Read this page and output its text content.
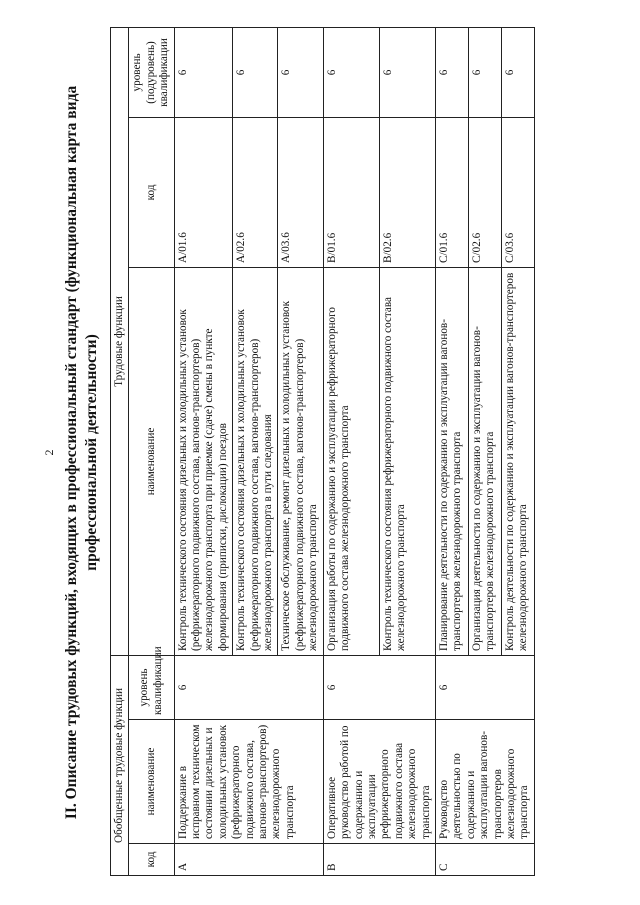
2 II. Описание трудовых функций, входящих в профессиональный стандарт (функциональная карта вида профессиональной деятельности)
Обобщенные трудовые функции			Трудовые функции		
код	наименование	уровень квалификации	наименование	код	уровень (подуровень) квалификации
A	Поддержание в исправном техническом состоянии дизельных и холодильных установок (рефрижераторного подвижного состава, вагонов-транспортеров) железнодорожного транспорта	6	Контроль технического состояния дизельных и холодильных установок (рефрижераторного подвижного состава, вагонов-транспортеров) железнодорожного транспорта при приемке (сдаче) смены в пункте формирования (приписки, дислокации) поездов	A/01.6	6
			Контроль технического состояния дизельных и холодильных установок (рефрижераторного подвижного состава, вагонов-транспортеров) железнодорожного транспорта в пути следования	A/02.6	6
			Техническое обслуживание, ремонт дизельных и холодильных установок (рефрижераторного подвижного состава, вагонов-транспортеров) железнодорожного транспорта	A/03.6	6
B	Оперативное руководство работой по содержанию и эксплуатации рефрижераторного подвижного состава железнодорожного транспорта	6	Организация работы по содержанию и эксплуатации рефрижераторного подвижного состава железнодорожного транспорта	B/01.6	6
			Контроль технического состояния рефрижераторного подвижного состава железнодорожного транспорта	B/02.6	6
C	Руководство деятельностью по содержанию и эксплуатации вагонов-транспортеров железнодорожного транспорта	6	Планирование деятельности по содержанию и эксплуатации вагонов-транспортеров железнодорожного транспорта	C/01.6	6
			Организация деятельности по содержанию и эксплуатации вагонов-транспортеров железнодорожного транспорта	C/02.6	6
			Контроль деятельности по содержанию и эксплуатации вагонов-транспортеров железнодорожного транспорта	C/03.6	6
